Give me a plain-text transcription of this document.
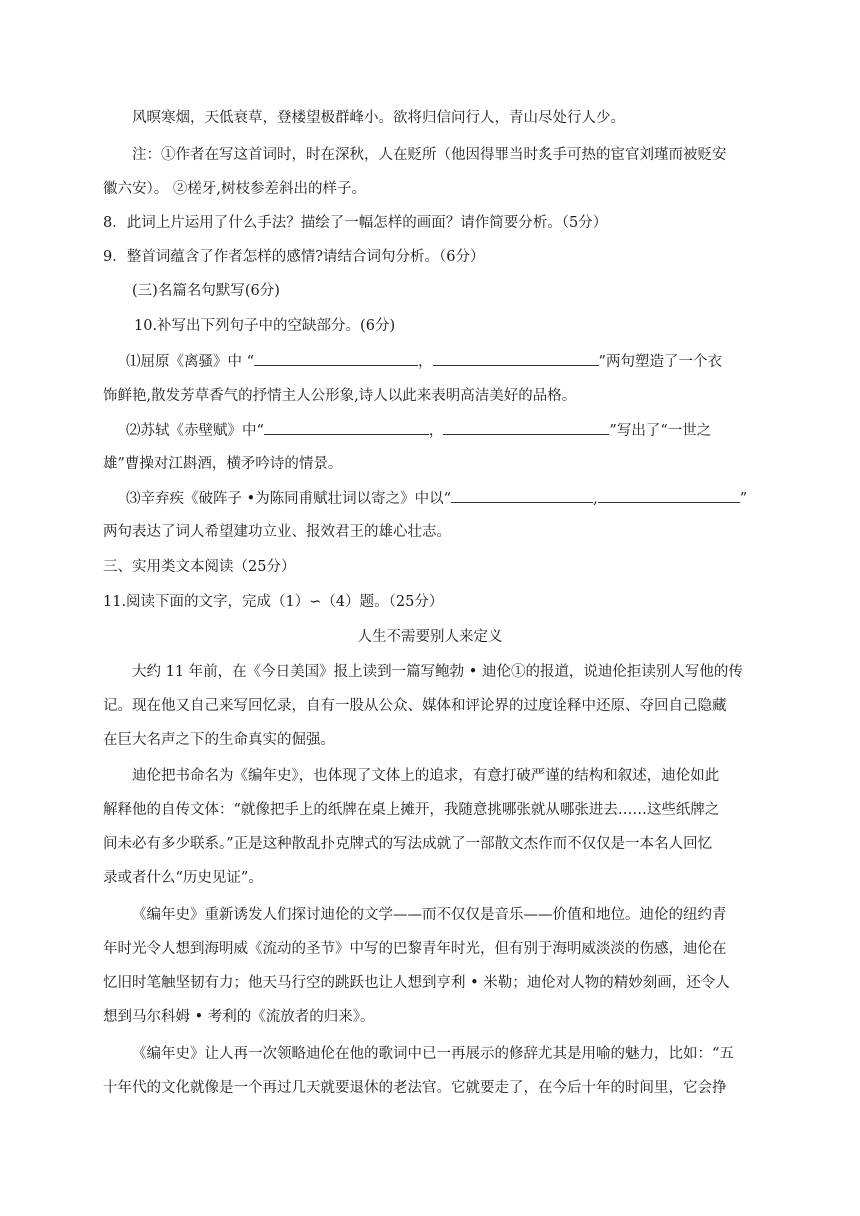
风暝寒烟，天低衰草，登楼望极群峰小。欲将归信问行人，青山尽处行人少。
注：①作者在写这首词时，时在深秋，人在贬所（他因得罪当时炙手可热的宦官刘瑾而被贬安
徽六安）。 ②槎牙,树枝参差斜出的样子。
8．此词上片运用了什么手法？描绘了一幅怎样的画面？请作简要分析。（5分）
9．整首词蕴含了作者怎样的感情?请结合词句分析。（6分）
(三)名篇名句默写(6分)
10.补写出下列句子中的空缺部分。(6分)
⑴屈原《离骚》中 “	，	”两句塑造了一个衣
饰鲜艳,散发芳草香气的抒情主人公形象,诗人以此来表明高洁美好的品格。
⑵苏轼《赤壁赋》中“	，	”写出了“一世之
雄”曹操对江斟酒，横矛吟诗的情景。
⑶辛弃疾《破阵子 •为陈同甫赋壮词以寄之》中以“	,	”
两句表达了词人希望建功立业、报效君王的雄心壮志。
三、实用类文本阅读（25分）
11.阅读下面的文字，完成（1）∽（4）题。（25分）
人生不需要别人来定义
大约 11 年前，在《今日美国》报上读到一篇写鲍勃 • 迪伦①的报道，说迪伦拒读别人写他的传
记。现在他又自己来写回忆录，自有一股从公众、媒体和评论界的过度诠释中还原、夺回自己隐藏
在巨大名声之下的生命真实的倔强。
迪伦把书命名为《编年史》，也体现了文体上的追求，有意打破严谨的结构和叙述，迪伦如此
解释他的自传文体：“就像把手上的纸牌在桌上摊开，我随意挑哪张就从哪张进去……这些纸牌之
间未必有多少联系。”正是这种散乱扑克牌式的写法成就了一部散文杰作而不仅仅是一本名人回忆
录或者什么“历史见证”。
《编年史》重新诱发人们探讨迪伦的文学——而不仅仅是音乐——价值和地位。迪伦的纽约青
年时光令人想到海明威《流动的圣节》中写的巴黎青年时光，但有别于海明威淡淡的伤感，迪伦在
忆旧时笔触坚韧有力；他天马行空的跳跃也让人想到亨利 • 米勒；迪伦对人物的精妙刻画，还令人
想到马尔科姆 • 考利的《流放者的归来》。
《编年史》让人再一次领略迪伦在他的歌词中已一再展示的修辞尤其是用喻的魅力，比如：“五
十年代的文化就像是一个再过几天就要退休的老法官。它就要走了，在今后十年的时间里，它会挣
